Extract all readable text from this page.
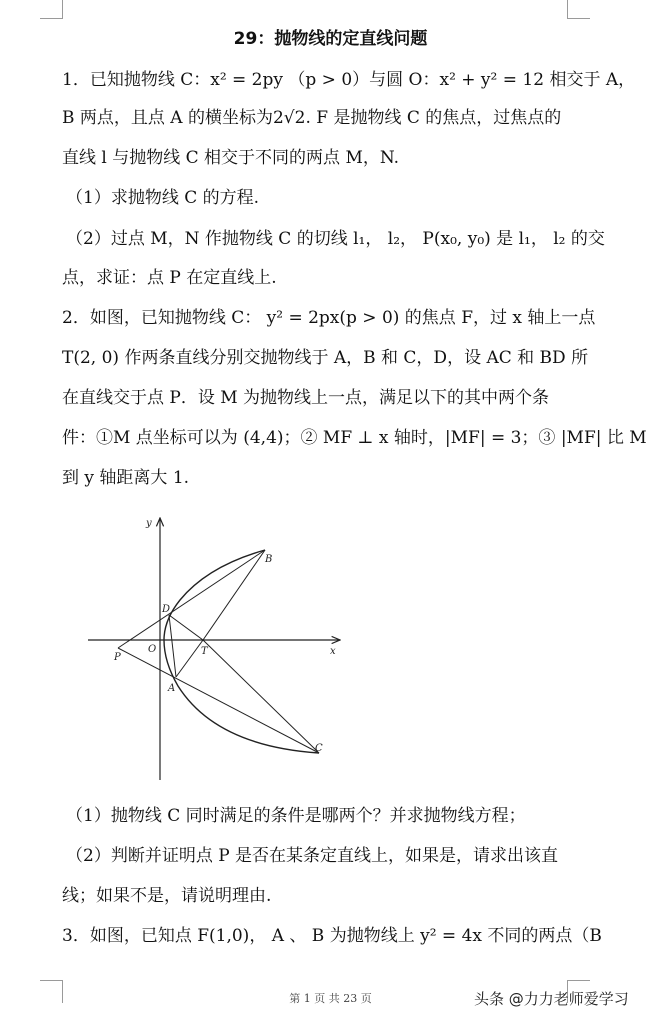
29：抛物线的定直线问题
1．已知抛物线 C：x² = 2py （p > 0）与圆 O：x² + y² = 12 相交于 A，
B 两点，且点 A 的横坐标为2√2. F 是抛物线 C 的焦点，过焦点的
直线 l 与抛物线 C 相交于不同的两点 M，N.
（1）求抛物线 C 的方程.
（2）过点 M，N 作抛物线 C 的切线 l₁， l₂， P(x₀, y₀) 是 l₁， l₂ 的交
点，求证：点 P 在定直线上.
2．如图，已知抛物线 C： y² = 2px(p > 0) 的焦点 F，过 x 轴上一点
T(2, 0) 作两条直线分别交抛物线于 A，B 和 C，D，设 AC 和 BD 所
在直线交于点 P．设 M 为抛物线上一点，满足以下的其中两个条
件：①M 点坐标可以为 (4,4)；② MF ⊥ x 轴时，|MF| = 3；③ |MF| 比 M
到 y 轴距离大 1.
（1）抛物线 C 同时满足的条件是哪两个？并求抛物线方程；
（2）判断并证明点 P 是否在某条定直线上，如果是，请求出该直
线；如果不是，请说明理由.
3．如图，已知点 F(1,0)， A 、 B 为抛物线上 y² = 4x 不同的两点（B
x
y
O	T
P
A
B
C
D
第 1 页 共 23 页	头条 @力力老师爱学习
